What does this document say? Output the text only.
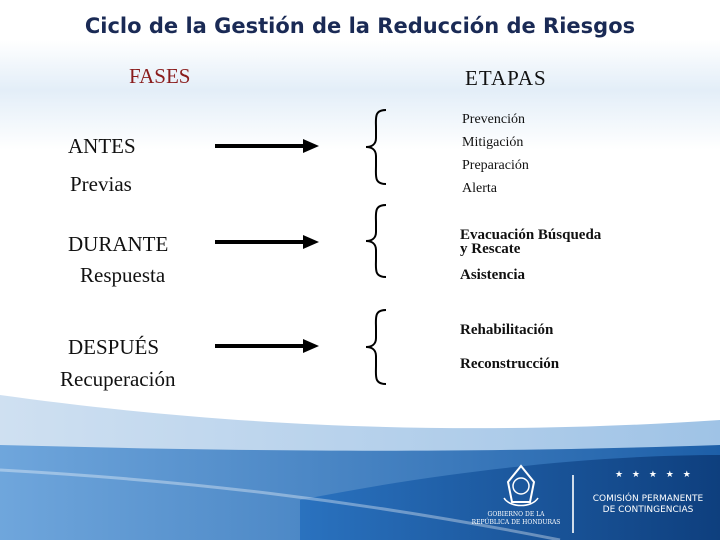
Ciclo de la Gestión de la Reducción de Riesgos
FASES	ETAPAS
ANTES
Previas
DURANTE
Respuesta
DESPUÉS
Recuperación
Prevención
Mitigación
Preparación
Alerta
Evacuación Búsqueda
y Rescate
Asistencia
Rehabilitación
Reconstrucción
GOBIERNO DE LA
REPÚBLICA DE HONDURAS
★ ★ ★ ★ ★
COMISIÓN PERMANENTE
DE CONTINGENCIAS
